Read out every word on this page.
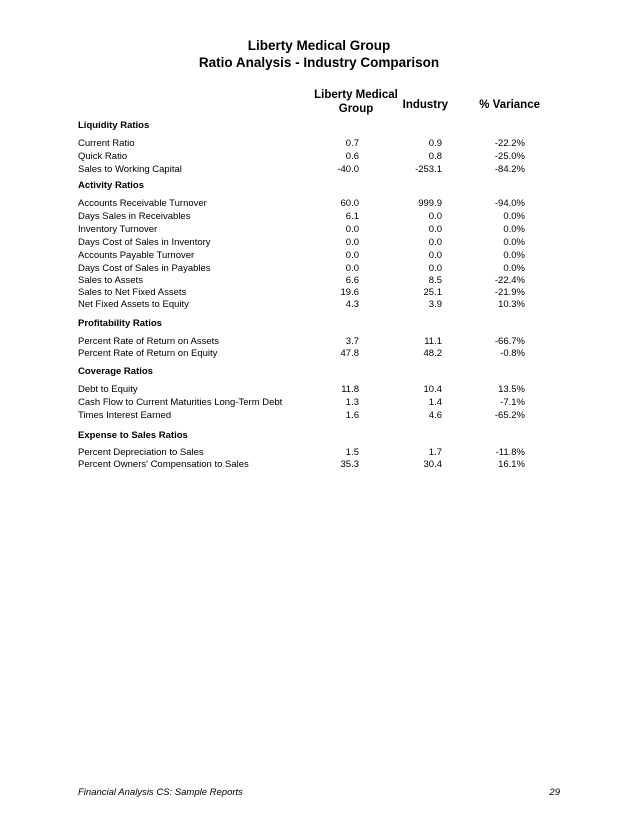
Liberty Medical Group
Ratio Analysis - Industry Comparison
Liberty Medical
Group	Industry	% Variance
Liquidity Ratios
Current Ratio	0.7	0.9	-22.2%
Quick Ratio	0.6	0.8	-25.0%
Sales to Working Capital	-40.0	-253.1	-84.2%
Activity Ratios
Accounts Receivable Turnover	60.0	999.9	-94.0%
Days Sales in Receivables	6.1	0.0	0.0%
Inventory Turnover	0.0	0.0	0.0%
Days Cost of Sales in Inventory	0.0	0.0	0.0%
Accounts Payable Turnover	0.0	0.0	0.0%
Days Cost of Sales in Payables	0.0	0.0	0.0%
Sales to Assets	6.6	8.5	-22.4%
Sales to Net Fixed Assets	19.6	25.1	-21.9%
Net Fixed Assets to Equity	4.3	3.9	10.3%
Profitability Ratios
Percent Rate of Return on Assets	3.7	11.1	-66.7%
Percent Rate of Return on Equity	47.8	48.2	-0.8%
Coverage Ratios
Debt to Equity	11.8	10.4	13.5%
Cash Flow to Current Maturities Long-Term Debt	1.3	1.4	-7.1%
Times Interest Earned	1.6	4.6	-65.2%
Expense to Sales Ratios
Percent Depreciation to Sales	1.5	1.7	-11.8%
Percent Owners' Compensation to Sales	35.3	30.4	16.1%
Financial Analysis CS: Sample Reports	29
